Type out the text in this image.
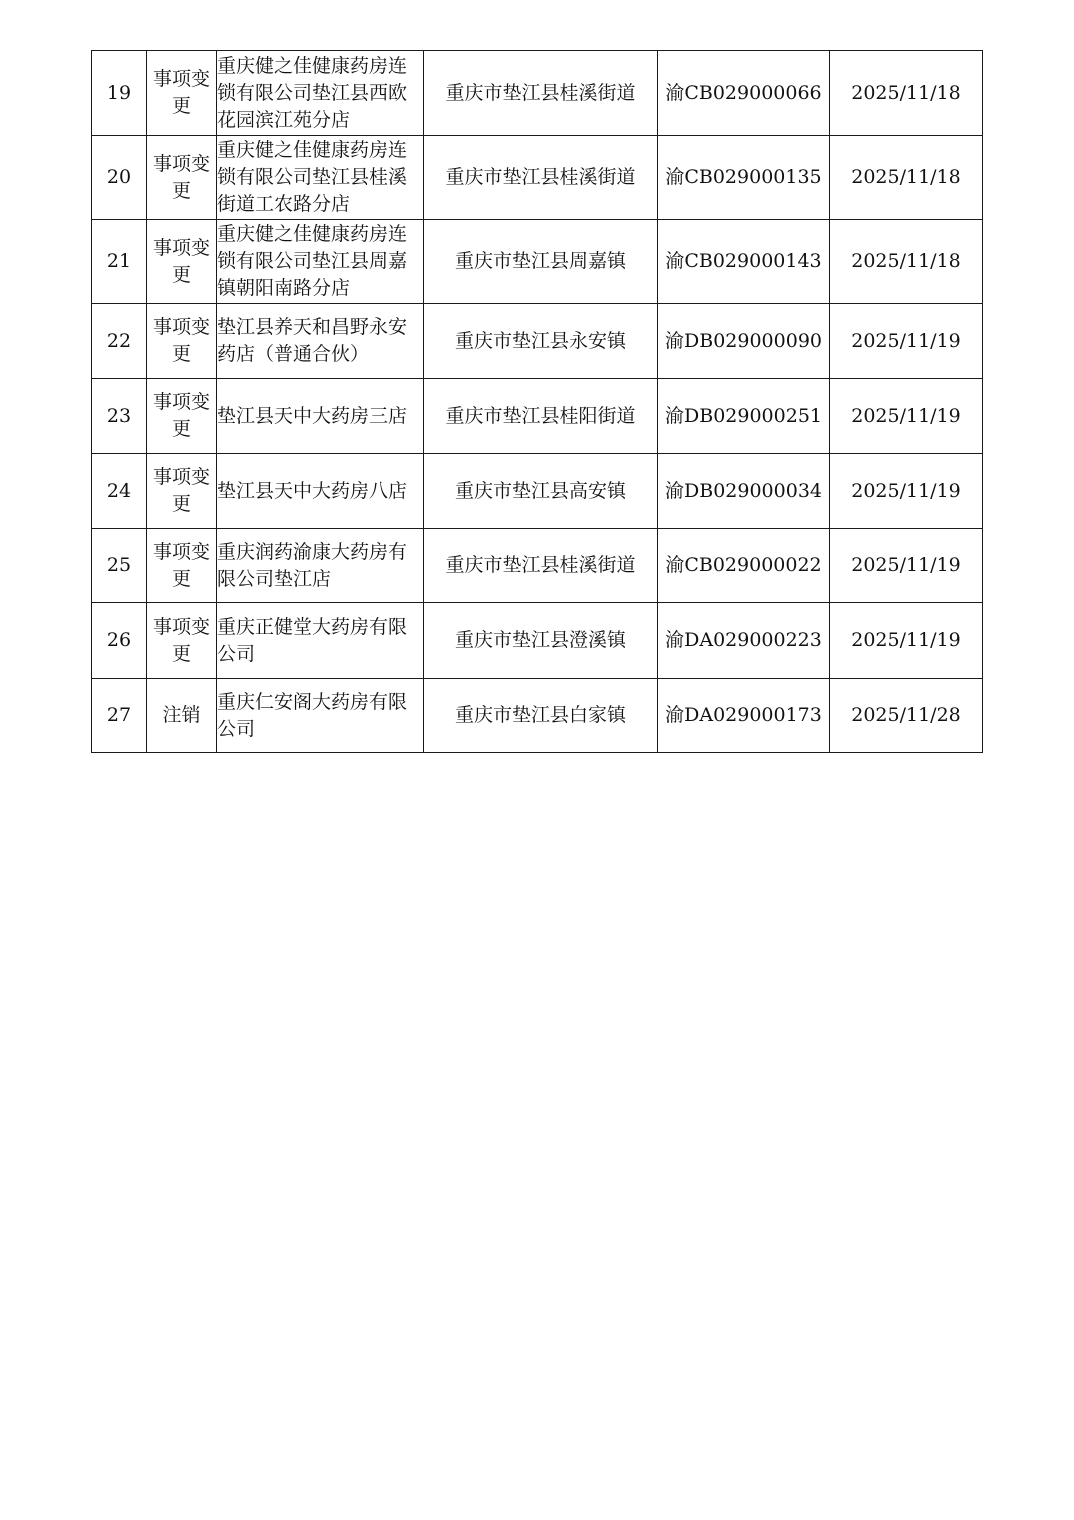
19	事项变更	重庆健之佳健康药房连锁有限公司垫江县西欧花园滨江苑分店	重庆市垫江县桂溪街道	渝CB029000066	2025/11/18
20	事项变更	重庆健之佳健康药房连锁有限公司垫江县桂溪街道工农路分店	重庆市垫江县桂溪街道	渝CB029000135	2025/11/18
21	事项变更	重庆健之佳健康药房连锁有限公司垫江县周嘉镇朝阳南路分店	重庆市垫江县周嘉镇	渝CB029000143	2025/11/18
22	事项变更	垫江县养天和昌野永安药店（普通合伙）	重庆市垫江县永安镇	渝DB029000090	2025/11/19
23	事项变更	垫江县天中大药房三店	重庆市垫江县桂阳街道	渝DB029000251	2025/11/19
24	事项变更	垫江县天中大药房八店	重庆市垫江县高安镇	渝DB029000034	2025/11/19
25	事项变更	重庆润药渝康大药房有限公司垫江店	重庆市垫江县桂溪街道	渝CB029000022	2025/11/19
26	事项变更	重庆正健堂大药房有限公司	重庆市垫江县澄溪镇	渝DA029000223	2025/11/19
27	注销	重庆仁安阁大药房有限公司	重庆市垫江县白家镇	渝DA029000173	2025/11/28
